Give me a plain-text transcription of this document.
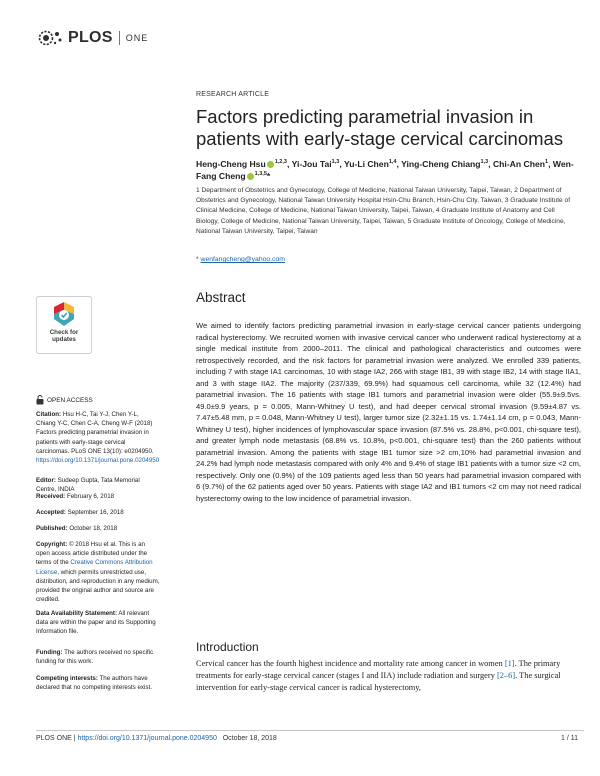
PLOS ONE
RESEARCH ARTICLE
Factors predicting parametrial invasion in patients with early-stage cervical carcinomas
Heng-Cheng Hsu $^{1,2,3}$, Yi-Jou Tai$^{1,3}$, Yu-Li Chen$^{1,4}$, Ying-Cheng Chiang$^{1,3}$, Chi-An Chen$^1$, Wen-Fang Cheng $^{1,3,5}$*
1 Department of Obstetrics and Gynecology, College of Medicine, National Taiwan University, Taipei, Taiwan, 2 Department of Obstetrics and Gynecology, National Taiwan University Hospital Hsin-Chu Branch, Hsin-Chu City, Taiwan, 3 Graduate Institute of Clinical Medicine, College of Medicine, National Taiwan University, Taipei, Taiwan, 4 Graduate Institute of Anatomy and Cell Biology, College of Medicine, National Taiwan University, Taipei, Taiwan, 5 Graduate Institute of Oncology, College of Medicine, National Taiwan University, Taipei, Taiwan
* wenfangcheng@yahoo.com
Abstract
We aimed to identify factors predicting parametrial invasion in early-stage cervical cancer patients undergoing radical hysterectomy. We recruited women with invasive cervical cancer who underwent radical hysterectomy at a single medical institute from 2000–2011. The clinical and pathological characteristics and outcomes were retrospectively recorded, and the risk factors for parametrial invasion were analyzed. We enrolled 339 patients, including 7 with stage IA1 carcinomas, 10 with stage IA2, 266 with stage IB1, 39 with stage IB2, 14 with stage IIA1, and 3 with stage IIA2. The majority (237/339, 69.9%) had squamous cell carcinoma, while 32 (12.4%) had parametrial invasion. The 16 patients with stage IB1 tumors and parametrial invasion were older (55.9±9.5vs. 49.0±9.9 years, p = 0.005, Mann-Whitney U test), and had deeper cervical stromal invasion (9.59±4.87 vs. 7.47±5.48 mm, p = 0.048, Mann-Whitney U test), larger tumor size (2.32±1.15 vs. 1.74±1.14 cm, p = 0.043, Mann-Whitney U test), higher incidences of lymphovascular space invasion (87.5% vs. 28.8%, p<0.001, chi-square test), and greater lymph node metastasis (68.8% vs. 10.8%, p<0.001, chi-square test) than the 260 patients without parametrial invasion. Among the patients with stage IB1 tumor size >2 cm,10% had parametrial invasion and 24.2% had lymph node metastasis compared with only 4% and 9.4% of stage IB1 patients with a tumor size <2 cm, respectively. Only one (0.9%) of the 109 patients aged less than 50 years had parametrial invasion compared with 6 (9.7%) of the 62 patients aged over 50 years. Patients with stage IA2 and IB1 tumors <2 cm may not need radical hysterectomy owing to the low incidence of parametrial invasion.
Introduction
Cervical cancer has the fourth highest incidence and mortality rate among cancer in women [1]. The primary treatments for early-stage cervical cancer (stages I and IIA) include radiation and surgery [2–6]. The surgical intervention for early-stage cervical cancer is radical hysterectomy,
Check for
updates
OPEN ACCESS
Citation: Hsu H-C, Tai Y-J, Chen Y-L, Chiang Y-C, Chen C-A, Cheng W-F (2018) Factors predicting parametrial invasion in patients with early-stage cervical carcinomas. PLoS ONE 13(10): e0204950. https://doi.org/10.1371/journal.pone.0204950
Editor: Sudeep Gupta, Tata Memorial Centre, INDIA
Received: February 6, 2018
Accepted: September 16, 2018
Published: October 18, 2018
Copyright: © 2018 Hsu et al. This is an open access article distributed under the terms of the Creative Commons Attribution License, which permits unrestricted use, distribution, and reproduction in any medium, provided the original author and source are credited.
Data Availability Statement: All relevant data are within the paper and its Supporting Information file.
Funding: The authors received no specific funding for this work.
Competing interests: The authors have declared that no competing interests exist.
PLOS ONE | https://doi.org/10.1371/journal.pone.0204950 October 18, 2018	1 / 11
